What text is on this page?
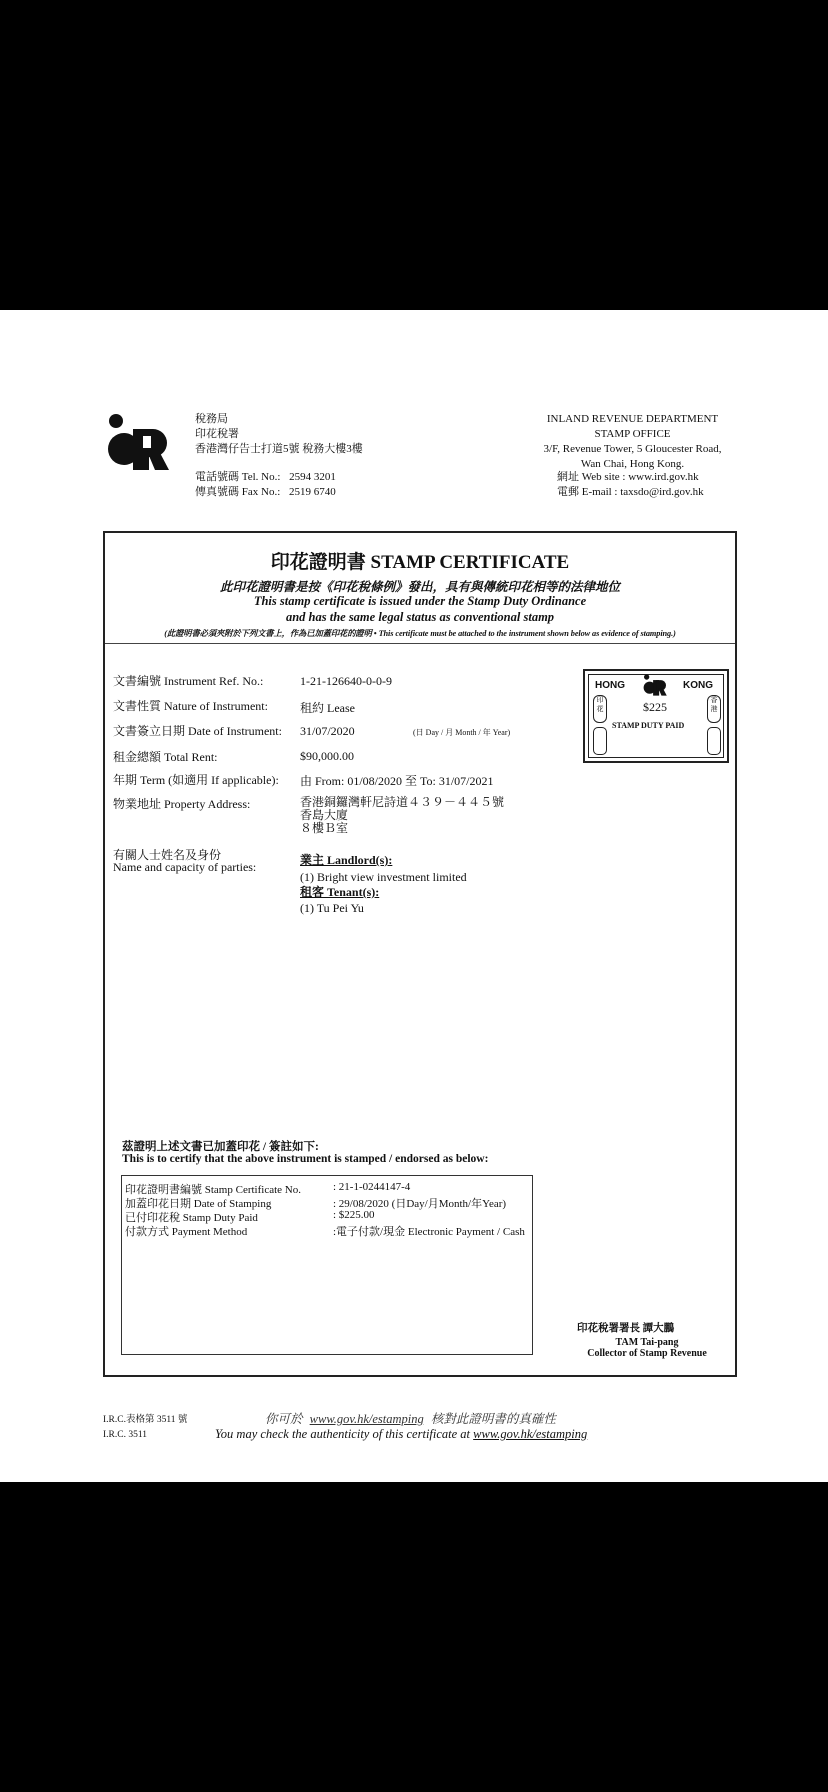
稅務局
印花稅署
香港灣仔告士打道5號 稅務大樓3樓
電話號碼 Tel. No.: 2594 3201
傳真號碼 Fax No.: 2519 6740
INLAND REVENUE DEPARTMENT
STAMP OFFICE
3/F, Revenue Tower, 5 Gloucester Road,
Wan Chai, Hong Kong.
網址 Web site : www.ird.gov.hk
電郵 E-mail : taxsdo@ird.gov.hk
印花證明書 STAMP CERTIFICATE
此印花證明書是按《印花稅條例》發出，具有與傳統印花相等的法律地位
This stamp certificate is issued under the Stamp Duty Ordinance
and has the same legal status as conventional stamp
(此證明書必須夾附於下列文書上，作為已加蓋印花的證明 • This certificate must be attached to the instrument shown below as evidence of stamping.)
文書編號 Instrument Ref. No.:	1-21-126640-0-0-9
文書性質 Nature of Instrument:	租約 Lease
文書簽立日期 Date of Instrument: 31/07/2020	(日 Day / 月 Month / 年 Year)
租金總額 Total Rent:	$90,000.00
年期 Term (如適用 If applicable): 由 From: 01/08/2020 至 To: 31/07/2021
物業地址 Property Address:	香港銅鑼灣軒尼詩道４３９－４４５號
香島大廈
８樓Ｂ室
有關人士姓名及身份
Name and capacity of parties:	業主 Landlord(s):
(1) Bright view investment limited
租客 Tenant(s):
(1) Tu Pei Yu
HONG	KONG
$225
STAMP DUTY PAID
印花
香港
茲證明上述文書已加蓋印花 / 簽註如下:
This is to certify that the above instrument is stamped / endorsed as below:
印花證明書編號 Stamp Certificate No.	: 21-1-0244147-4
加蓋印花日期 Date of Stamping	: 29/08/2020 (日Day/月Month/年Year)
已付印花稅 Stamp Duty Paid	: $225.00
付款方式 Payment Method	:電子付款/現金 Electronic Payment / Cash
印花稅署署長 譚大鵬
TAM Tai-pang
Collector of Stamp Revenue
I.R.C.表格第 3511 號
I.R.C. 3511
你可於 www.gov.hk/estamping 核對此證明書的真確性
You may check the authenticity of this certificate at www.gov.hk/estamping
